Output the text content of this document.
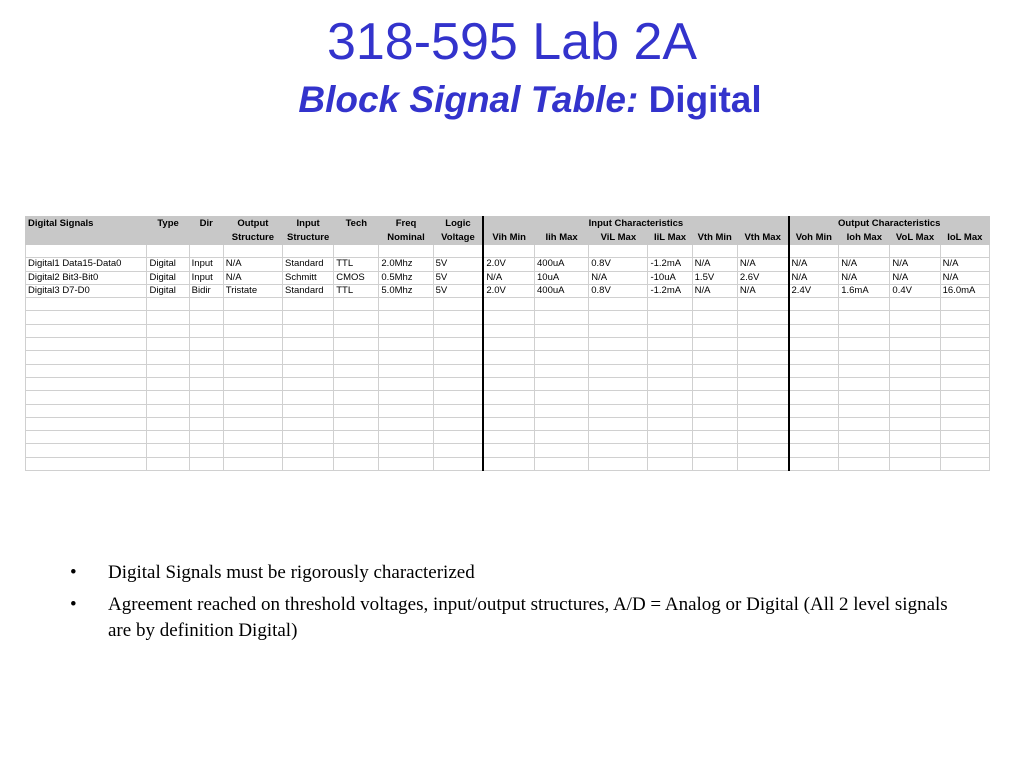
318-595 Lab 2A
Block Signal Table: Digital
Digital Signals	Type	Dir	Output	Input	Tech	Freq	Logic	Input Characteristics						Output Characteristics			
			Structure	Structure		Nominal	Voltage	Vih Min	Iih Max	ViL Max	IiL Max	Vth Min	Vth Max	Voh Min	Ioh Max	VoL Max	IoL Max

Digital1 Data15-Data0	Digital	Input	N/A	Standard	TTL	2.0Mhz	5V	2.0V	400uA	0.8V	-1.2mA	N/A	N/A	N/A	N/A	N/A	N/A
Digital2 Bit3-Bit0	Digital	Input	N/A	Schmitt	CMOS	0.5Mhz	5V	N/A	10uA	N/A	-10uA	1.5V	2.6V	N/A	N/A	N/A	N/A
Digital3 D7-D0	Digital	Bidir	Tristate	Standard	TTL	5.0Mhz	5V	2.0V	400uA	0.8V	-1.2mA	N/A	N/A	2.4V	1.6mA	0.4V	16.0mA

• Digital Signals must be rigorously characterized
• Agreement reached on threshold voltages, input/output structures, A/D = Analog or Digital (All 2 level signals are by definition Digital)
